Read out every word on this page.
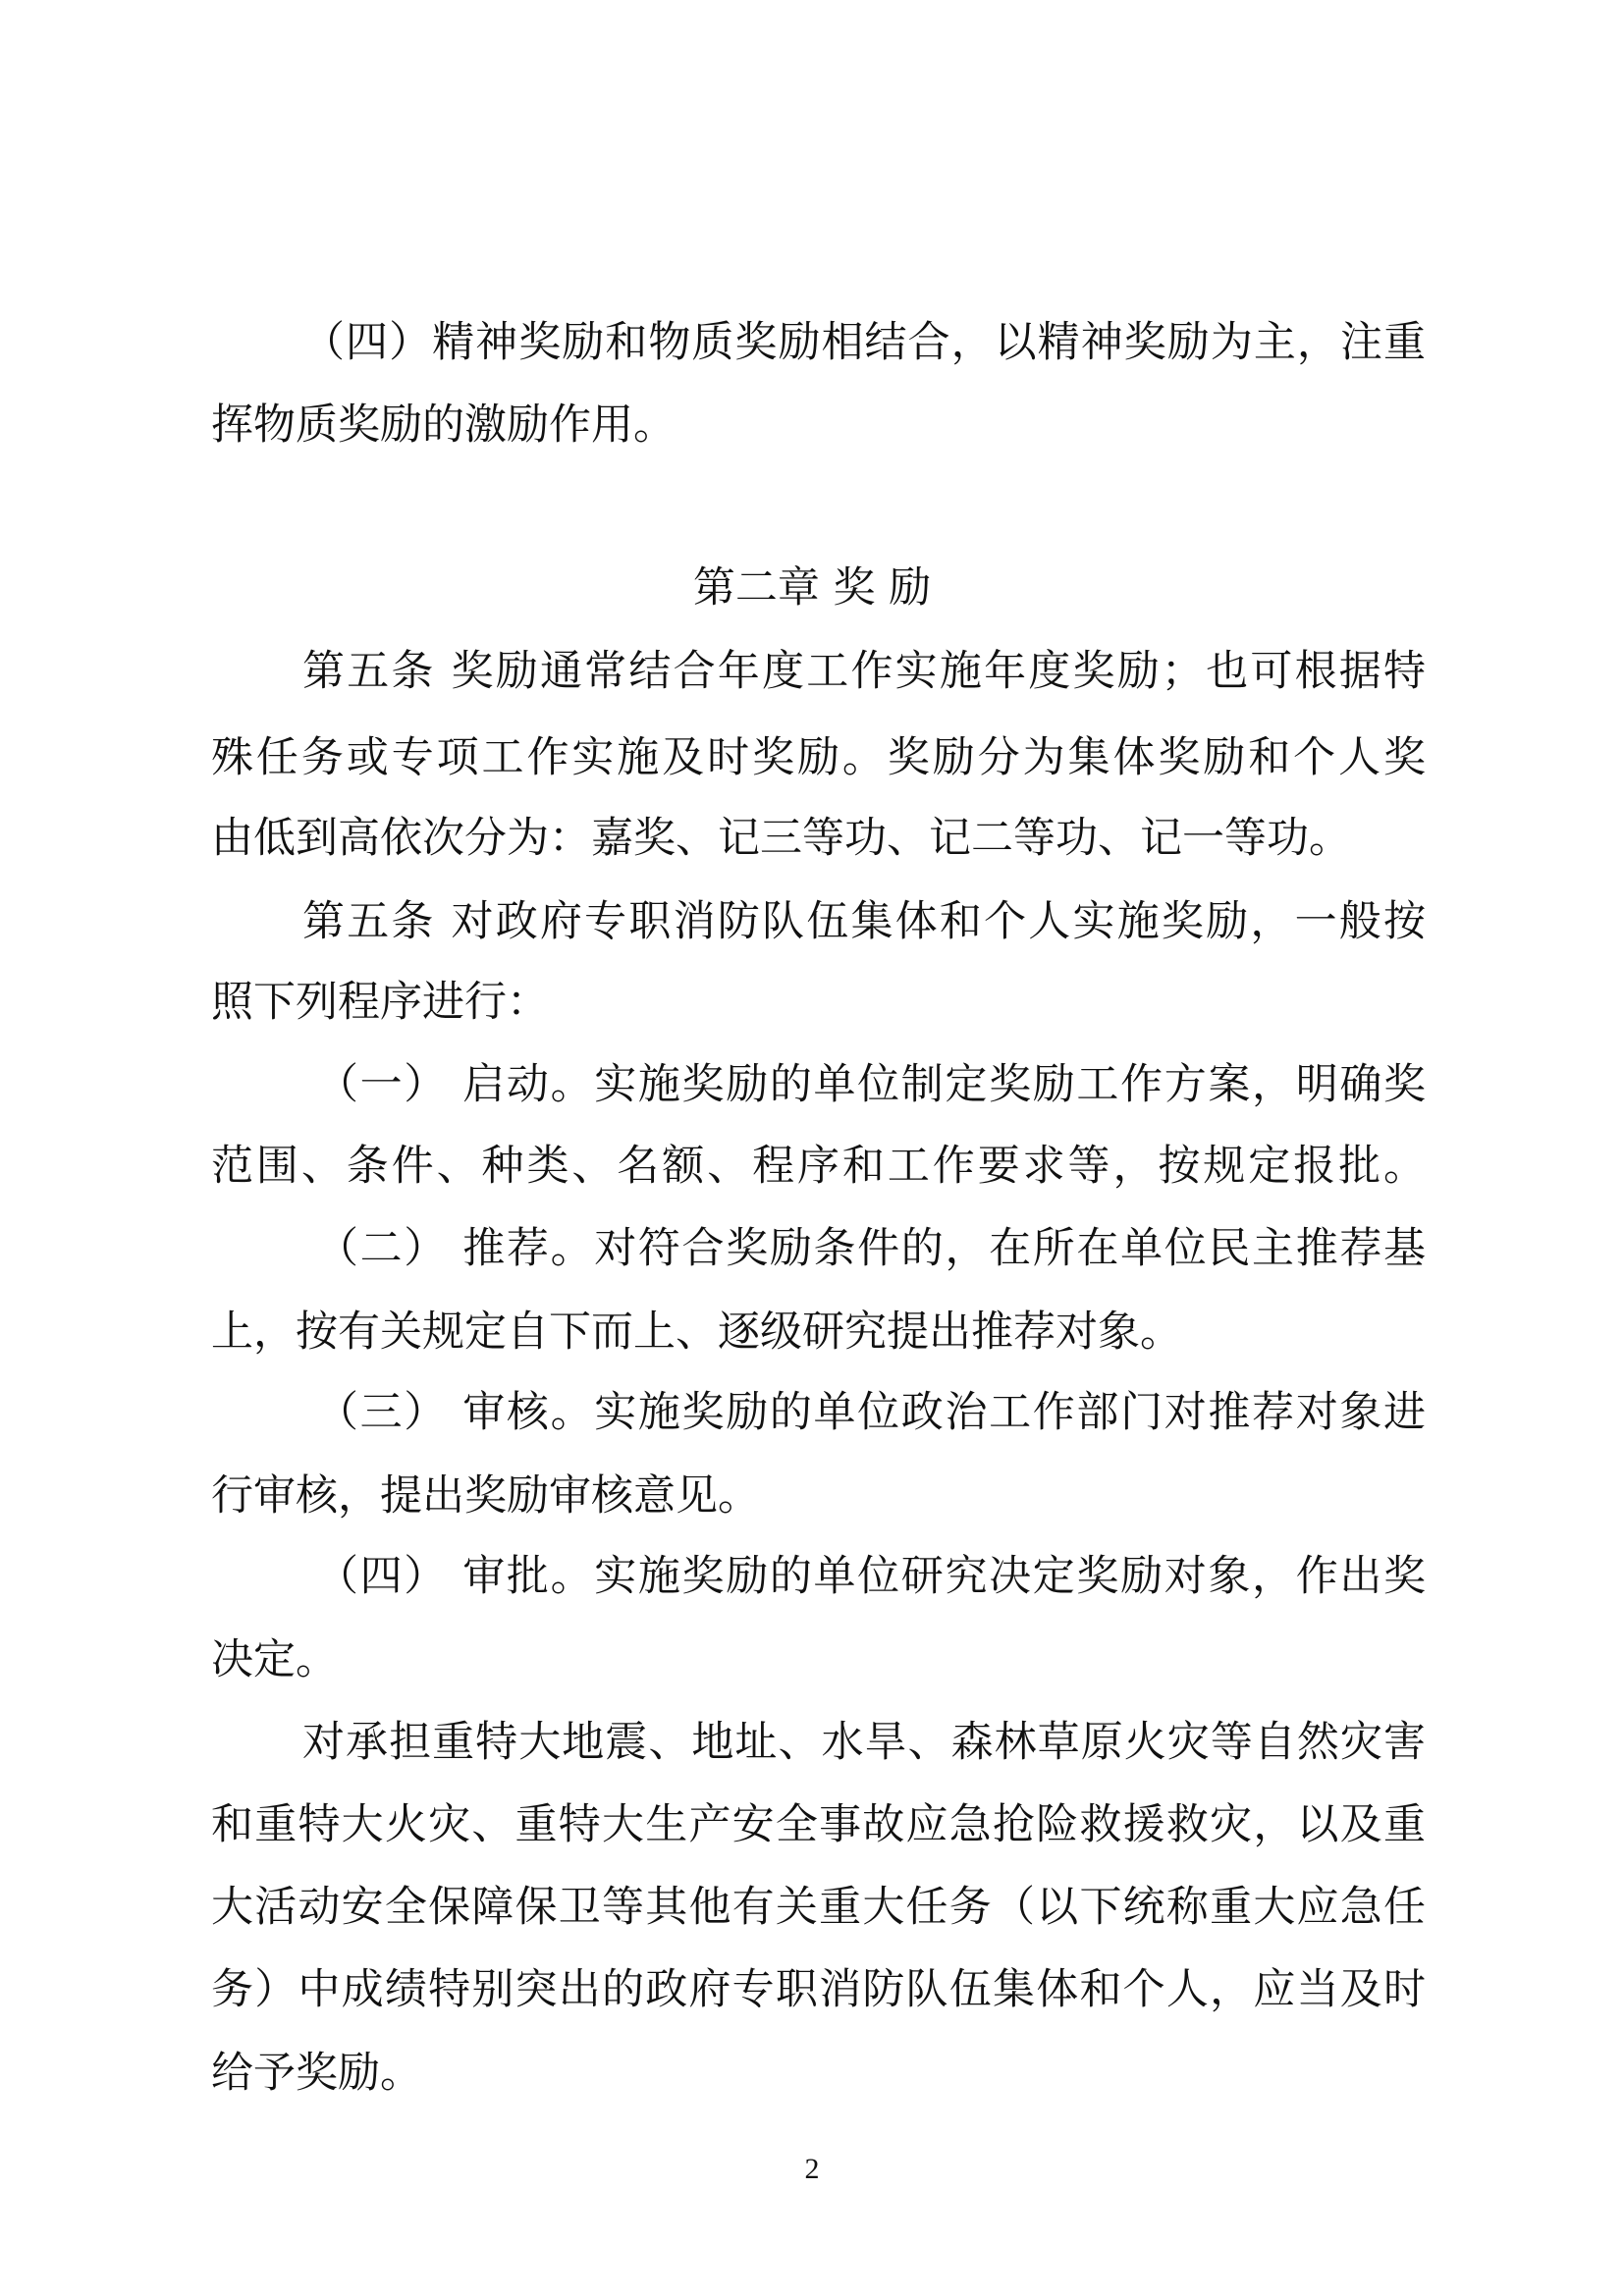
（四）精神奖励和物质奖励相结合，以精神奖励为主，注重
挥物质奖励的激励作用。
第五条 奖励通常结合年度工作实施年度奖励；也可根据特
殊任务或专项工作实施及时奖励。奖励分为集体奖励和个人奖
由低到高依次分为：嘉奖、记三等功、记二等功、记一等功。
第五条 对政府专职消防队伍集体和个人实施奖励，一般按
照下列程序进行：
（一） 启动。实施奖励的单位制定奖励工作方案，明确奖
范围、条件、种类、名额、程序和工作要求等，按规定报批。
（二） 推荐。对符合奖励条件的，在所在单位民主推荐基
上，按有关规定自下而上、逐级研究提出推荐对象。
（三） 审核。实施奖励的单位政治工作部门对推荐对象进
行审核，提出奖励审核意见。
（四） 审批。实施奖励的单位研究决定奖励对象，作出奖
决定。
对承担重特大地震、地址、水旱、森林草原火灾等自然灾害
和重特大火灾、重特大生产安全事故应急抢险救援救灾，以及重
大活动安全保障保卫等其他有关重大任务（以下统称重大应急任
务）中成绩特别突出的政府专职消防队伍集体和个人，应当及时
给予奖励。
第二章 奖 励
2
